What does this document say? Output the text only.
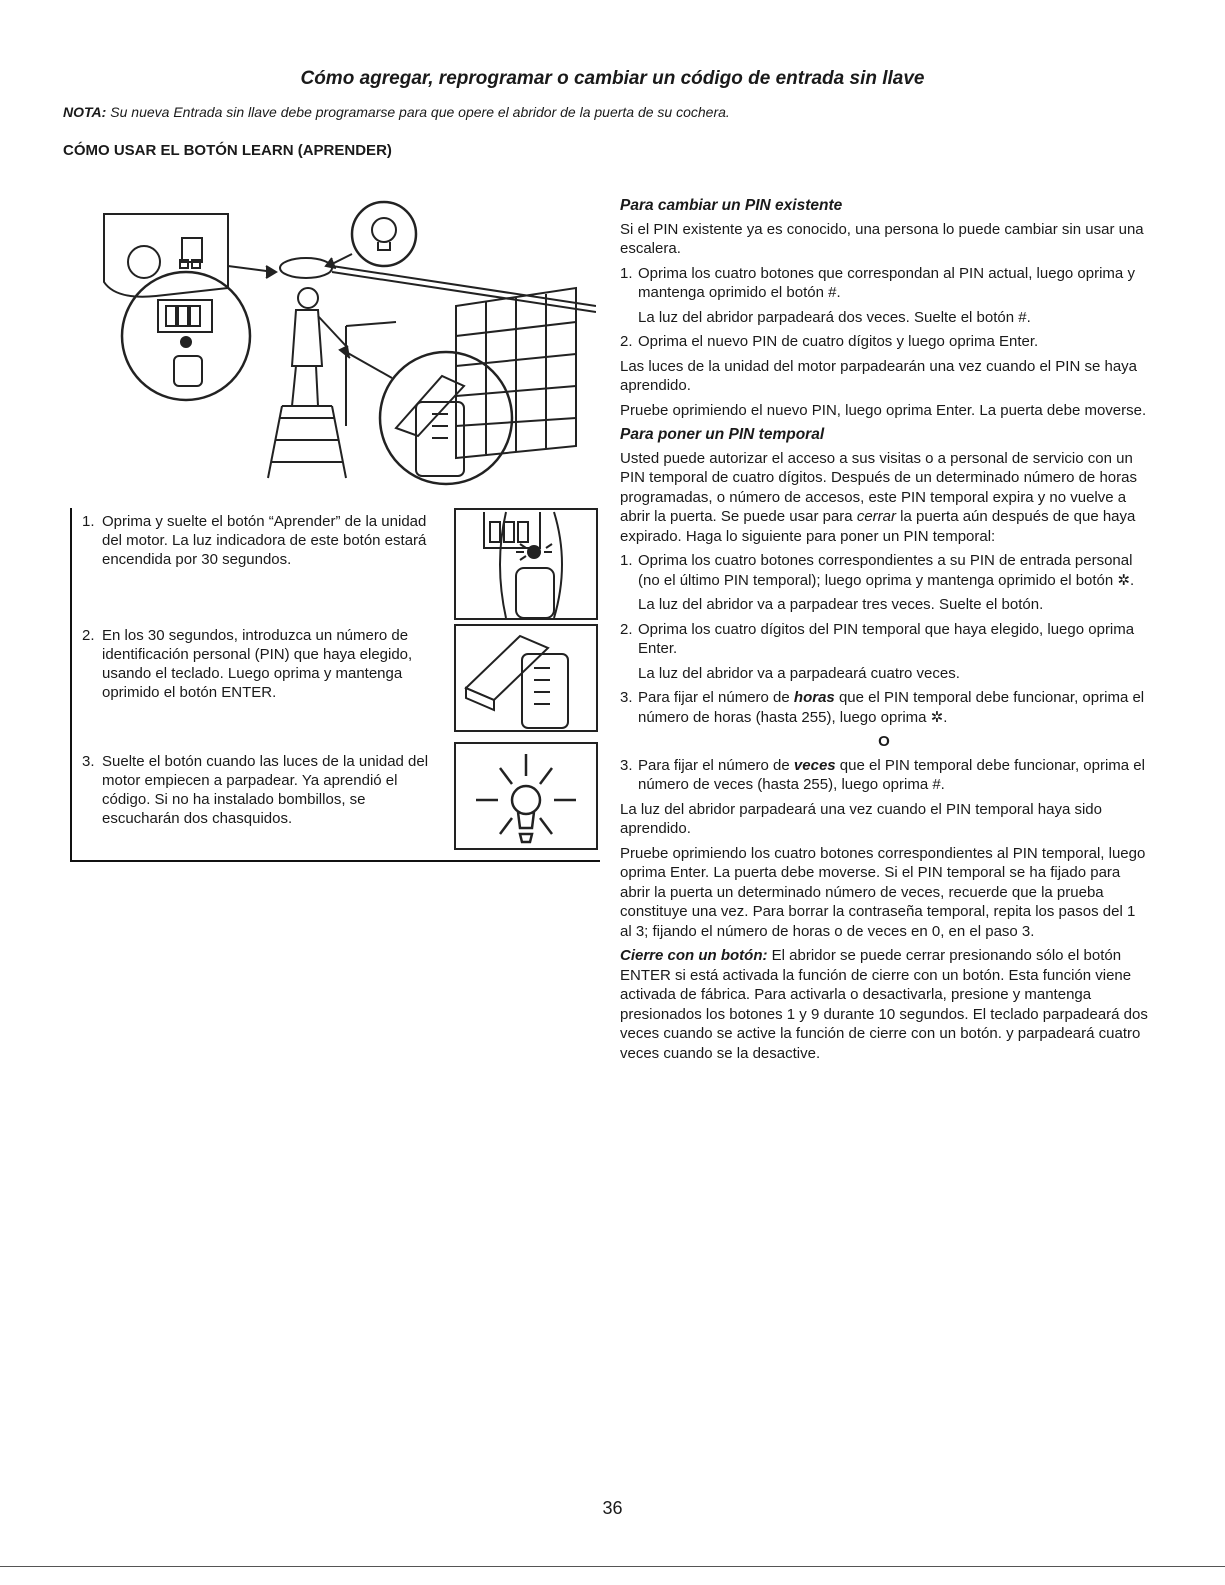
Cómo agregar, reprogramar o cambiar un código de entrada sin llave
NOTA: Su nueva Entrada sin llave debe programarse para que opere el abridor de la puerta de su cochera.
CÓMO USAR EL BOTÓN LEARN (APRENDER)
1. Oprima y suelte el botón “Aprender” de la unidad del motor. La luz indicadora de este botón estará encendida por 30 segundos.
2. En los 30 segundos, introduzca un número de identificación personal (PIN) que haya elegido, usando el teclado. Luego oprima y mantenga oprimido el botón ENTER.
3. Suelte el botón cuando las luces de la unidad del motor empiecen a parpadear. Ya aprendió el código. Si no ha instalado bombillos, se escucharán dos chasquidos.
Para cambiar un PIN existente

Si el PIN existente ya es conocido, una persona lo puede cambiar sin usar una escalera.

1. Oprima los cuatro botones que correspondan al PIN actual, luego oprima y mantenga oprimido el botón #.
La luz del abridor parpadeará dos veces. Suelte el botón #.
2. Oprima el nuevo PIN de cuatro dígitos y luego oprima Enter.

Las luces de la unidad del motor parpadearán una vez cuando el PIN se haya aprendido.

Pruebe oprimiendo el nuevo PIN, luego oprima Enter. La puerta debe moverse.

Para poner un PIN temporal

Usted puede autorizar el acceso a sus visitas o a personal de servicio con un PIN temporal de cuatro dígitos. Después de un determinado número de horas programadas, o número de accesos, este PIN temporal expira y no vuelve a abrir la puerta. Se puede usar para cerrar la puerta aún después de que haya expirado. Haga lo siguiente para poner un PIN temporal:

1. Oprima los cuatro botones correspondientes a su PIN de entrada personal (no el último PIN temporal); luego oprima y mantenga oprimido el botón ✲.
La luz del abridor va a parpadear tres veces. Suelte el botón.
2. Oprima los cuatro dígitos del PIN temporal que haya elegido, luego oprima Enter.
La luz del abridor va a parpadeará cuatro veces.
3. Para fijar el número de horas que el PIN temporal debe funcionar, oprima el número de horas (hasta 255), luego oprima ✲.
O
3. Para fijar el número de veces que el PIN temporal debe funcionar, oprima el número de veces (hasta 255), luego oprima #.

La luz del abridor parpadeará una vez cuando el PIN temporal haya sido aprendido.

Pruebe oprimiendo los cuatro botones correspondientes al PIN temporal, luego oprima Enter. La puerta debe moverse. Si el PIN temporal se ha fijado para abrir la puerta un determinado número de veces, recuerde que la prueba constituye una vez. Para borrar la contraseña temporal, repita los pasos del 1 al 3; fijando el número de horas o de veces en 0, en el paso 3.

Cierre con un botón: El abridor se puede cerrar presionando sólo el botón ENTER si está activada la función de cierre con un botón. Esta función viene activada de fábrica. Para activarla o desactivarla, presione y mantenga presionados los botones 1 y 9 durante 10 segundos. El teclado parpadeará dos veces cuando se active la función de cierre con un botón. y parpadeará cuatro veces cuando se la desactive.

36
